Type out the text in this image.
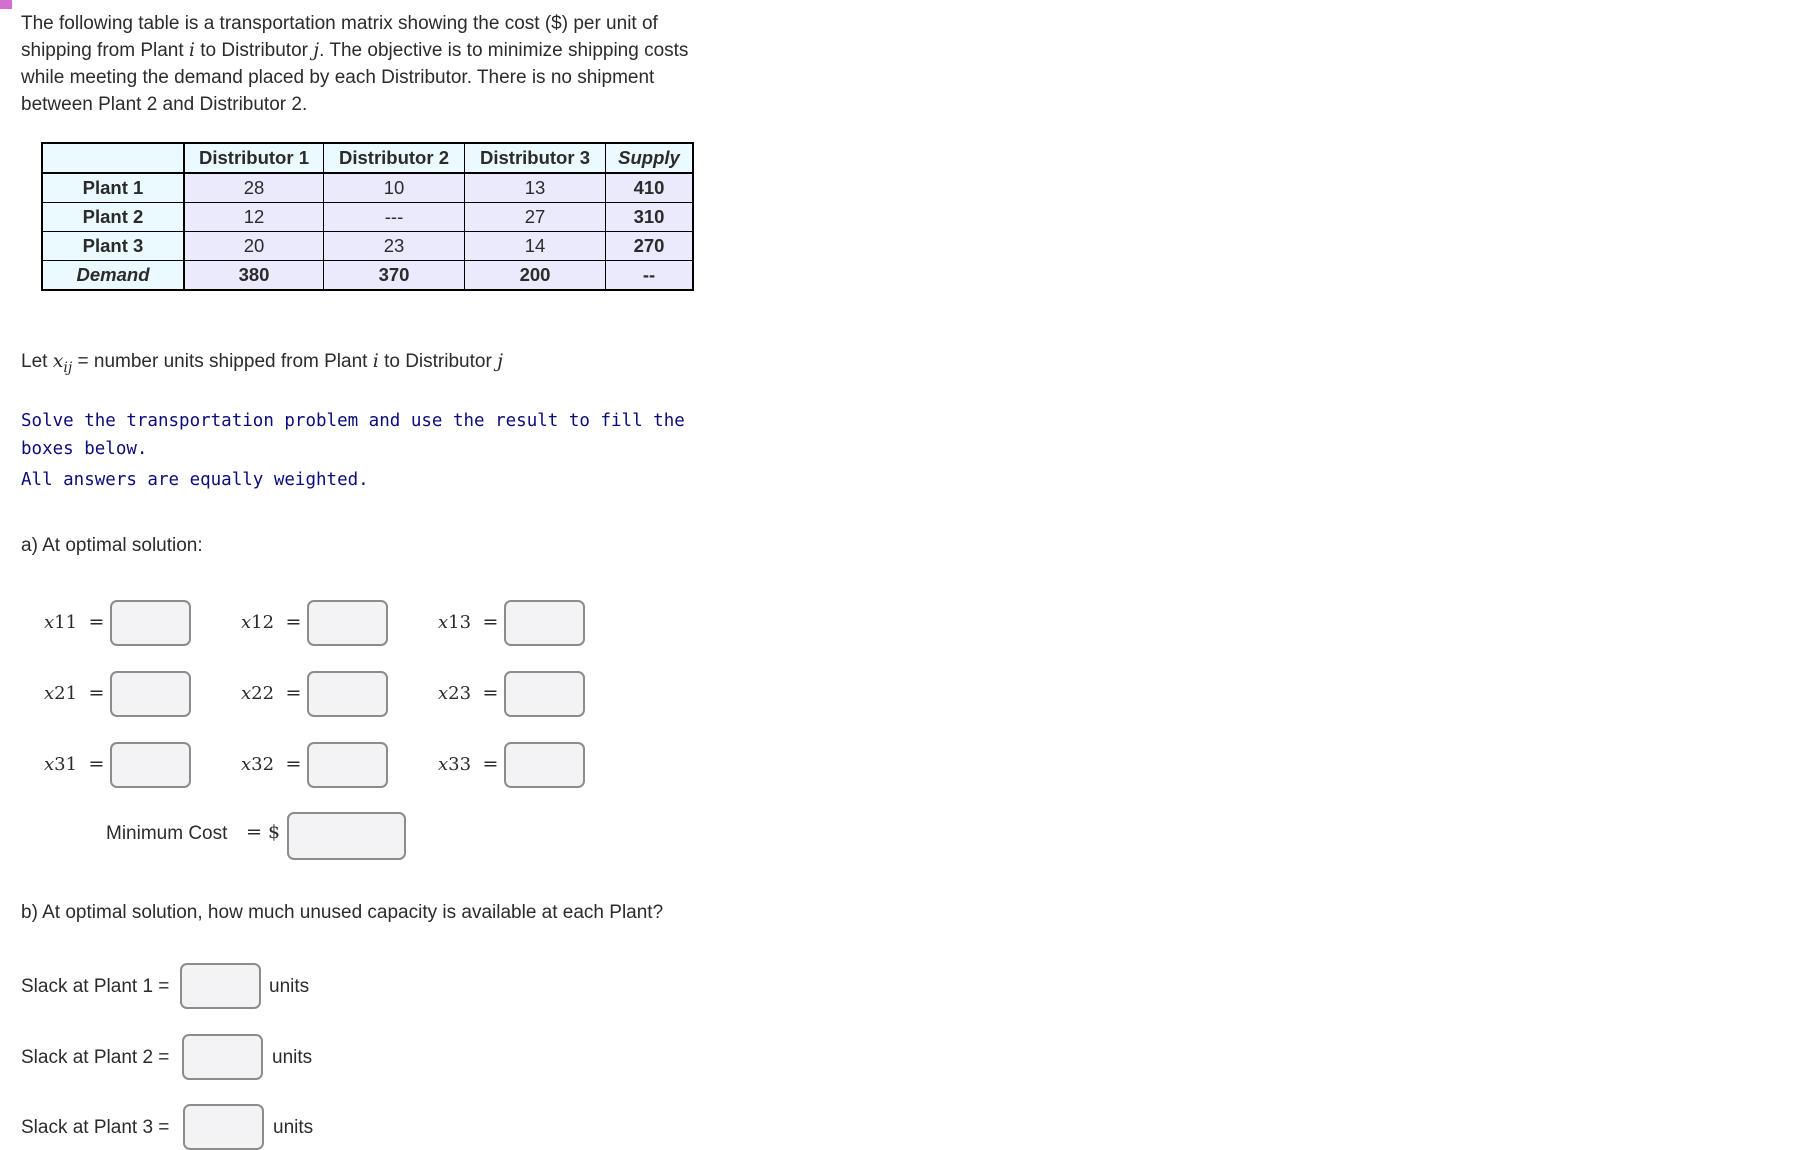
The following table is a transportation matrix showing the cost ($) per unit of shipping from Plant i to Distributor j. The objective is to minimize shipping costs while meeting the demand placed by each Distributor. There is no shipment between Plant 2 and Distributor 2.
	Distributor 1	Distributor 2	Distributor 3	Supply
Plant 1	28	10	13	410
Plant 2	12	---	27	310
Plant 3	20	23	14	270
Demand	380	370	200	--
Let $x_{ij}$ = number units shipped from Plant i to Distributor j
Solve the transportation problem and use the result to fill the boxes below.
All answers are equally weighted.
a) At optimal solution:
x11 =	x12 =	x13 =
x21 =	x22 =	x23 =
x31 =	x32 =	x33 =
Minimum Cost = $
b) At optimal solution, how much unused capacity is available at each Plant?
Slack at Plant 1 =	units
Slack at Plant 2 =	units
Slack at Plant 3 =	units
